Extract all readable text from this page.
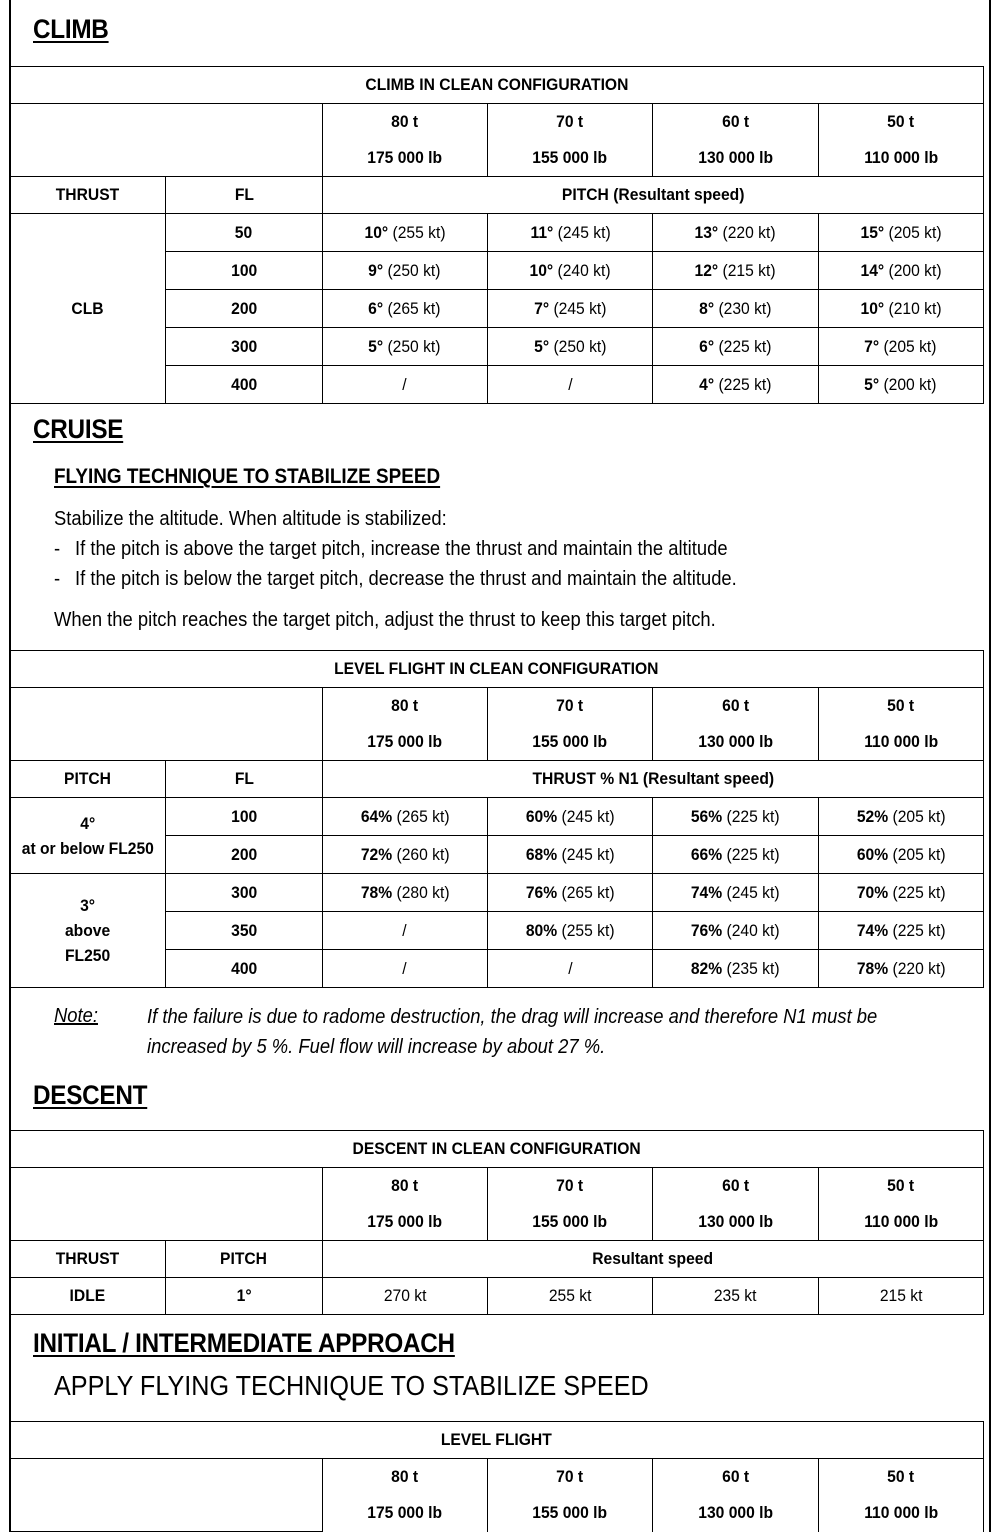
CLIMB
CLIMB IN CLEAN CONFIGURATION					
		80 t	70 t	60 t	50 t
		175 000 lb	155 000 lb	130 000 lb	110 000 lb
THRUST	FL	PITCH (Resultant speed)			
CLB	50	10° (255 kt)	11° (245 kt)	13° (220 kt)	15° (205 kt)
	100	9° (250 kt)	10° (240 kt)	12° (215 kt)	14° (200 kt)
	200	6° (265 kt)	7° (245 kt)	8° (230 kt)	10° (210 kt)
	300	5° (250 kt)	5° (250 kt)	6° (225 kt)	7° (205 kt)
	400	/	/	4° (225 kt)	5° (200 kt)
CRUISE
FLYING TECHNIQUE TO STABILIZE SPEED
Stabilize the altitude. When altitude is stabilized:
- If the pitch is above the target pitch, increase the thrust and maintain the altitude
- If the pitch is below the target pitch, decrease the thrust and maintain the altitude.
When the pitch reaches the target pitch, adjust the thrust to keep this target pitch.
LEVEL FLIGHT IN CLEAN CONFIGURATION					
		80 t	70 t	60 t	50 t
		175 000 lb	155 000 lb	130 000 lb	110 000 lb
PITCH	FL	THRUST % N1 (Resultant speed)			
4°
at or below FL250	100	64% (265 kt)	60% (245 kt)	56% (225 kt)	52% (205 kt)
	200	72% (260 kt)	68% (245 kt)	66% (225 kt)	60% (205 kt)
3°
above
FL250	300	78% (280 kt)	76% (265 kt)	74% (245 kt)	70% (225 kt)
	350	/	80% (255 kt)	76% (240 kt)	74% (225 kt)
	400	/	/	82% (235 kt)	78% (220 kt)
Note: If the failure is due to radome destruction, the drag will increase and therefore N1 must be increased by 5 %. Fuel flow will increase by about 27 %.
DESCENT
DESCENT IN CLEAN CONFIGURATION					
		80 t	70 t	60 t	50 t
		175 000 lb	155 000 lb	130 000 lb	110 000 lb
THRUST	PITCH	Resultant speed			
IDLE	1°	270 kt	255 kt	235 kt	215 kt
INITIAL / INTERMEDIATE APPROACH
APPLY FLYING TECHNIQUE TO STABILIZE SPEED
LEVEL FLIGHT				
	80 t	70 t	60 t	50 t
	175 000 lb	155 000 lb	130 000 lb	110 000 lb
